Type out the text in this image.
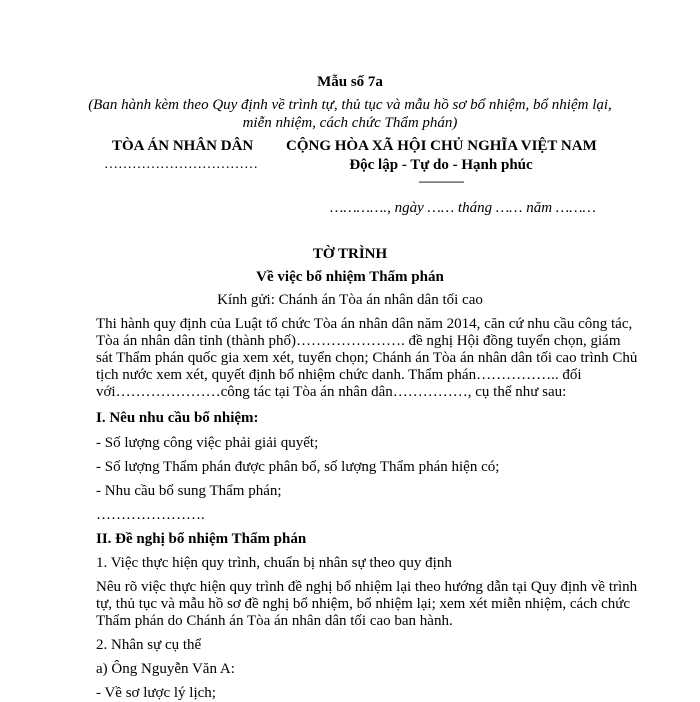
Mẫu số 7a
(Ban hành kèm theo Quy định về trình tự, thủ tục và mẫu hồ sơ bổ nhiệm, bổ nhiệm lại,
miễn nhiệm, cách chức Thẩm phán)
TÒA ÁN NHÂN DÂN
……………………………
CỘNG HÒA XÃ HỘI CHỦ NGHĨA VIỆT NAM
Độc lập - Tự do - Hạnh phúc
---------------
…………., ngày …… tháng …… năm ………
TỜ TRÌNH
Về việc bổ nhiệm Thẩm phán
Kính gửi: Chánh án Tòa án nhân dân tối cao
Thi hành quy định của Luật tổ chức Tòa án nhân dân năm 2014, căn cứ nhu cầu công tác,
Tòa án nhân dân tỉnh (thành phố)…………………. đề nghị Hội đồng tuyển chọn, giám
sát Thẩm phán quốc gia xem xét, tuyển chọn; Chánh án Tòa án nhân dân tối cao trình Chủ
tịch nước xem xét, quyết định bổ nhiệm chức danh. Thẩm phán…………….. đối
với…………………công tác tại Tòa án nhân dân……………, cụ thể như sau:
I. Nêu nhu cầu bổ nhiệm:
- Số lượng công việc phải giải quyết;
- Số lượng Thẩm phán được phân bổ, số lượng Thẩm phán hiện có;
- Nhu cầu bổ sung Thẩm phán;
………………….
II. Đề nghị bổ nhiệm Thẩm phán
1. Việc thực hiện quy trình, chuẩn bị nhân sự theo quy định
Nêu rõ việc thực hiện quy trình đề nghị bổ nhiệm lại theo hướng dẫn tại Quy định về trình
tự, thủ tục và mẫu hồ sơ đề nghị bổ nhiệm, bổ nhiệm lại; xem xét miễn nhiệm, cách chức
Thẩm phán do Chánh án Tòa án nhân dân tối cao ban hành.
2. Nhân sự cụ thể
a) Ông Nguyễn Văn A:
- Về sơ lược lý lịch;
